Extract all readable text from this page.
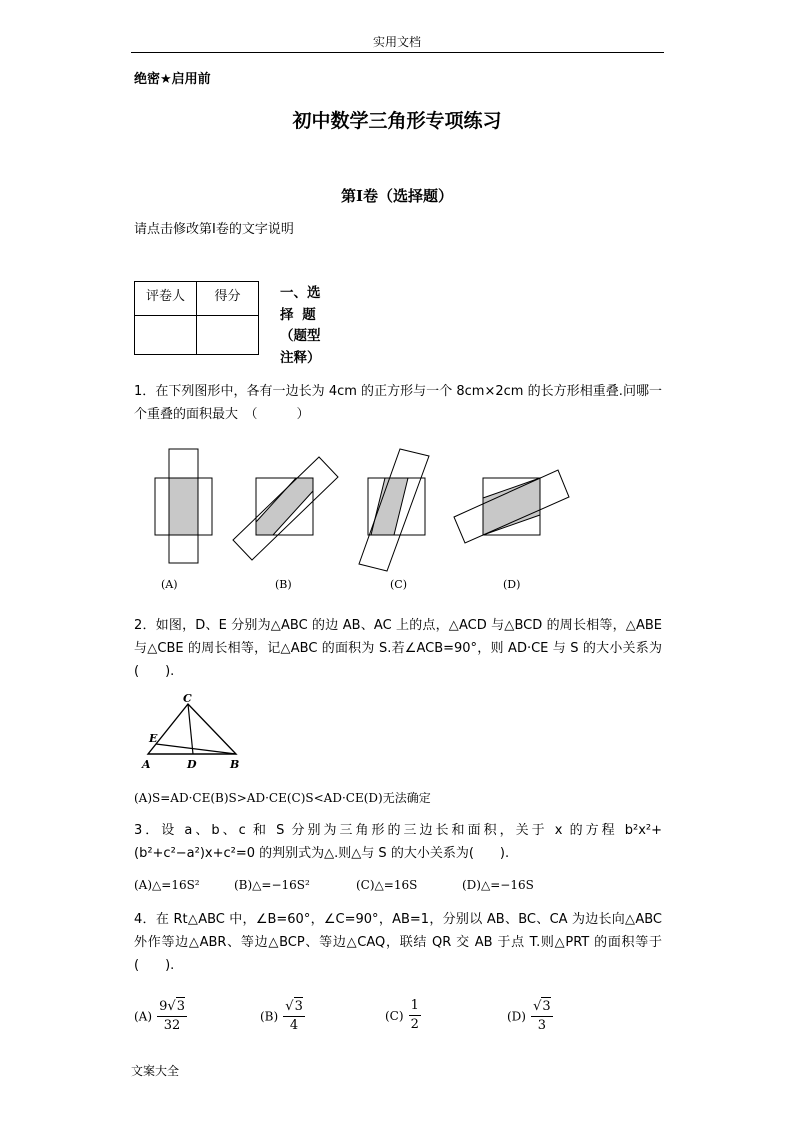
实用文档
绝密★启用前
初中数学三角形专项练习
第Ⅰ卷（选择题）
请点击修改第Ⅰ卷的文字说明
评卷人	得分
		一、选
择 题
（题型
注释）
1．在下列图形中，各有一边长为 4cm 的正方形与一个 8cm×2cm 的长方形相重叠.问哪一个重叠的面积最大　（　　　）
(A)	(B)	(C)	(D)
2．如图，D、E 分别为△ABC 的边 AB、AC 上的点，△ACD 与△BCD 的周长相等，△ABE与△CBE 的周长相等，记△ABC 的面积为 S.若∠ACB=90°，则 AD·CE 与 S 的大小关系为(　　).
C
E
A	D	B
(A)S=AD·CE(B)S>AD·CE(C)S<AD·CE(D)无法确定
3．设 a、b、c 和 S 分别为三角形的三边长和面积，关于 x 的方程 b²x²+(b²+c²−a²)x+c²=0 的判别式为△.则△与 S 的大小关系为(　　).
(A)△=16S²	(B)△=−16S²	(C)△=16S	(D)△=−16S
4．在 Rt△ABC 中，∠B=60°，∠C=90°，AB=1，分别以 AB、BC、CA 为边长向△ABC 外作等边△ABR、等边△BCP、等边△CAQ，联结 QR 交 AB 于点 T.则△PRT 的面积等于(　　).
$(A) \frac{9√3}{32}$	$(B) \frac{√3}{4}$	$(C) \frac{1}{2}$	$(D) \frac{√3}{3}$
文案大全
